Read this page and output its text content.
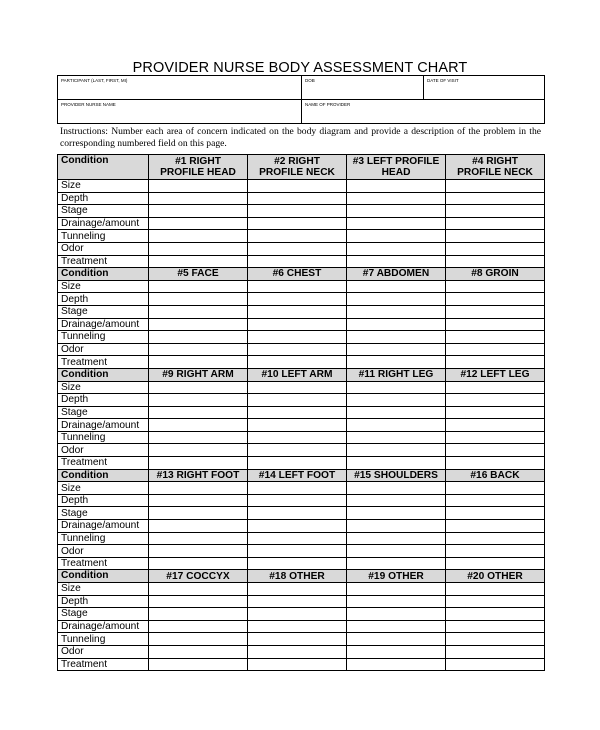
PROVIDER NURSE BODY ASSESSMENT CHART
PARTICIPANT (LAST, FIRST, MI)	DOB	DATE OF VISIT
PROVIDER NURSE NAME	NAME OF PROVIDER	
Instructions: Number each area of concern indicated on the body diagram and provide a description of the problem in the corresponding numbered field on this page.
Condition	#1 RIGHT PROFILE HEAD	#2 RIGHT PROFILE NECK	#3 LEFT PROFILE HEAD	#4 RIGHT PROFILE NECK
Size				
Depth				
Stage				
Drainage/amount				
Tunneling				
Odor				
Treatment				
Condition	#5 FACE	#6 CHEST	#7 ABDOMEN	#8 GROIN
Size				
Depth				
Stage				
Drainage/amount				
Tunneling				
Odor				
Treatment				
Condition	#9 RIGHT ARM	#10 LEFT ARM	#11 RIGHT LEG	#12 LEFT LEG
Size				
Depth				
Stage				
Drainage/amount				
Tunneling				
Odor				
Treatment				
Condition	#13 RIGHT FOOT	#14 LEFT FOOT	#15 SHOULDERS	#16 BACK
Size				
Depth				
Stage				
Drainage/amount				
Tunneling				
Odor				
Treatment				
Condition	#17 COCCYX	#18 OTHER	#19 OTHER	#20 OTHER
Size				
Depth				
Stage				
Drainage/amount				
Tunneling				
Odor				
Treatment				
